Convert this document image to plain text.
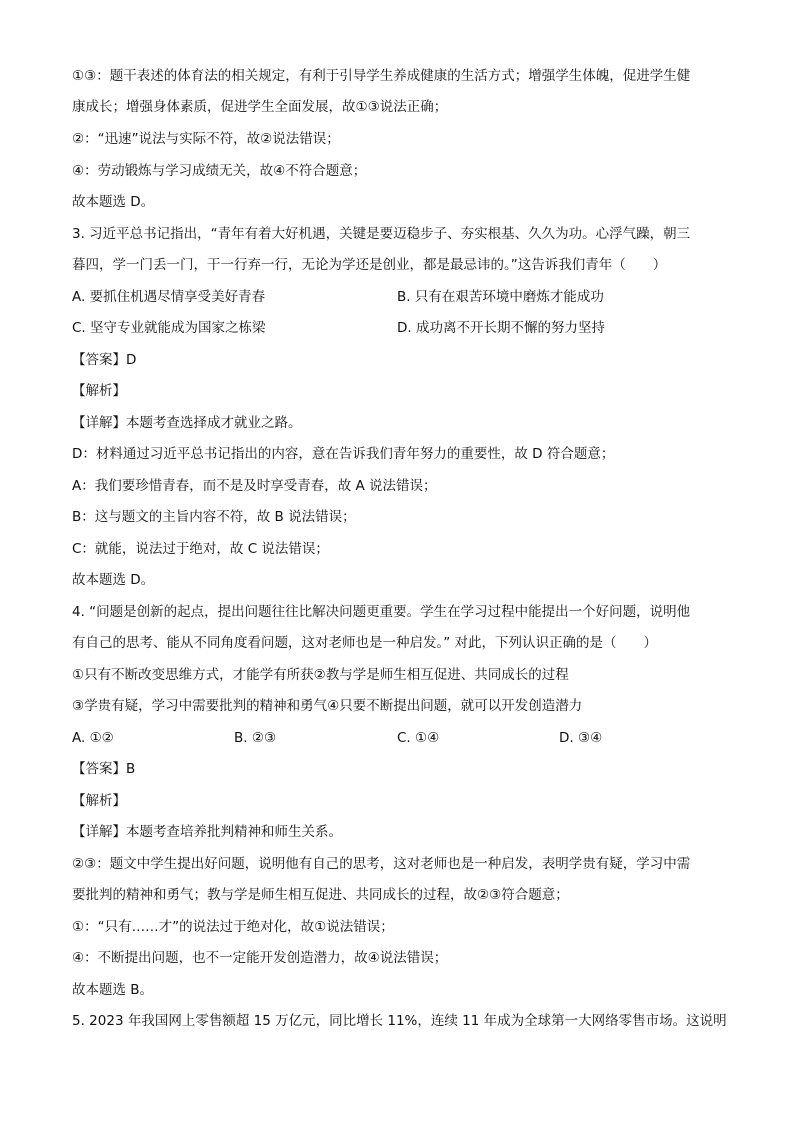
①③：题干表述的体育法的相关规定，有利于引导学生养成健康的生活方式；增强学生体魄，促进学生健
康成长；增强身体素质，促进学生全面发展，故①③说法正确；
②：“迅速”说法与实际不符，故②说法错误；
④：劳动锻炼与学习成绩无关，故④不符合题意；
故本题选 D。
3. 习近平总书记指出，“青年有着大好机遇，关键是要迈稳步子、夯实根基、久久为功。心浮气躁，朝三
暮四，学一门丢一门，干一行弃一行，无论为学还是创业，都是最忌讳的。”这告诉我们青年（　　）
A. 要抓住机遇尽情享受美好青春	B. 只有在艰苦环境中磨炼才能成功
C. 坚守专业就能成为国家之栋梁	D. 成功离不开长期不懈的努力坚持
【答案】D
【解析】
【详解】本题考查选择成才就业之路。
D：材料通过习近平总书记指出的内容，意在告诉我们青年努力的重要性，故 D 符合题意；
A：我们要珍惜青春，而不是及时享受青春，故 A 说法错误；
B：这与题文的主旨内容不符，故 B 说法错误；
C：就能，说法过于绝对，故 C 说法错误；
故本题选 D。
4. “问题是创新的起点，提出问题往往比解决问题更重要。学生在学习过程中能提出一个好问题，说明他
有自己的思考、能从不同角度看问题，这对老师也是一种启发。” 对此，下列认识正确的是（　　）
①只有不断改变思维方式，才能学有所获②教与学是师生相互促进、共同成长的过程
③学贵有疑，学习中需要批判的精神和勇气④只要不断提出问题，就可以开发创造潜力
A. ①②	B. ②③	C. ①④	D. ③④
【答案】B
【解析】
【详解】本题考查培养批判精神和师生关系。
②③：题文中学生提出好问题，说明他有自己的思考，这对老师也是一种启发，表明学贵有疑，学习中需
要批判的精神和勇气；教与学是师生相互促进、共同成长的过程，故②③符合题意；
①：“只有……才”的说法过于绝对化，故①说法错误；
④：不断提出问题，也不一定能开发创造潜力，故④说法错误；
故本题选 B。
5. 2023 年我国网上零售额超 15 万亿元，同比增长 11%，连续 11 年成为全球第一大网络零售市场。这说明
